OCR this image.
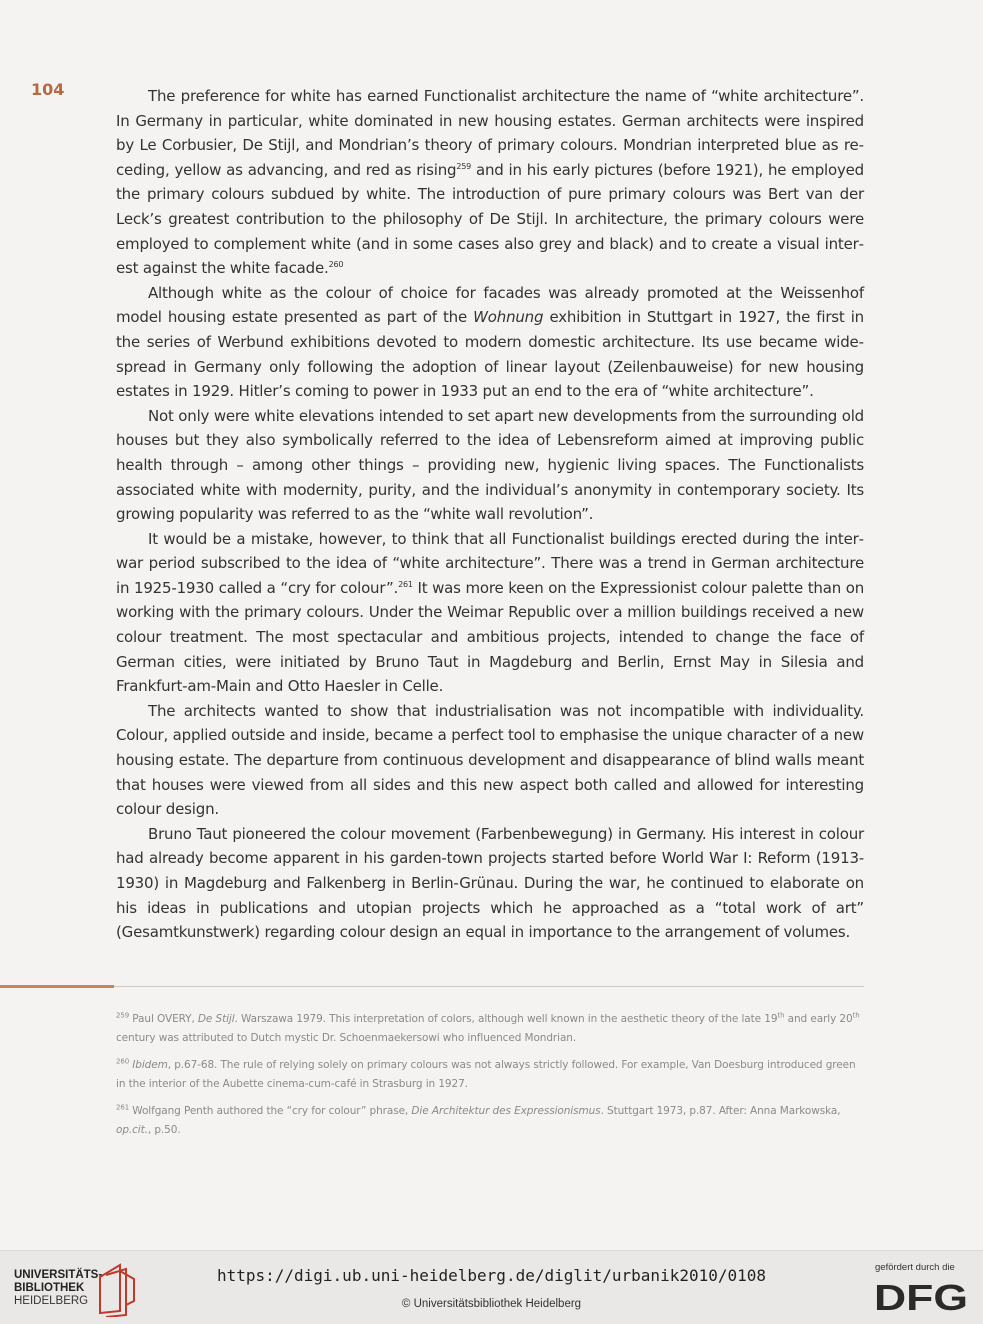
104	The preference for white has earned Functionalist architecture the name of “white architecture”. In Germany in particular, white dominated in new housing estates. German architects were inspired by Le Corbusier, De Stijl, and Mondrian’s theory of primary colours. Mondrian interpreted blue as receding, yellow as advancing, and red as rising$^{259}$ and in his early pictures (before 1921), he employed the primary colours subdued by white. The introduction of pure primary colours was Bert van der Leck’s greatest contribution to the philosophy of De Stijl. In architecture, the primary colours were employed to complement white (and in some cases also grey and black) and to create a visual interest against the white facade.$^{260}$

Although white as the colour of choice for facades was already promoted at the Weissenhof model housing estate presented as part of the Wohnung exhibition in Stuttgart in 1927, the first in the series of Werbund exhibitions devoted to modern domestic architecture. Its use became widespread in Germany only following the adoption of linear layout (Zeilenbauweise) for new housing estates in 1929. Hitler’s coming to power in 1933 put an end to the era of “white architecture”.

Not only were white elevations intended to set apart new developments from the surrounding old houses but they also symbolically referred to the idea of Lebensreform aimed at improving public health through – among other things – providing new, hygienic living spaces. The Functionalists associated white with modernity, purity, and the individual’s anonymity in contemporary society. Its growing popularity was referred to as the “white wall revolution”.

It would be a mistake, however, to think that all Functionalist buildings erected during the interwar period subscribed to the idea of “white architecture”. There was a trend in German architecture in 1925-1930 called a “cry for colour”.$^{261}$ It was more keen on the Expressionist colour palette than on working with the primary colours. Under the Weimar Republic over a million buildings received a new colour treatment. The most spectacular and ambitious projects, intended to change the face of German cities, were initiated by Bruno Taut in Magdeburg and Berlin, Ernst May in Silesia and Frankfurt-am-Main and Otto Haesler in Celle.

The architects wanted to show that industrialisation was not incompatible with individuality. Colour, applied outside and inside, became a perfect tool to emphasise the unique character of a new housing estate. The departure from continuous development and disappearance of blind walls meant that houses were viewed from all sides and this new aspect both called and allowed for interesting colour design.

Bruno Taut pioneered the colour movement (Farbenbewegung) in Germany. His interest in colour had already become apparent in his garden-town projects started before World War I: Reform (1913-1930) in Magdeburg and Falkenberg in Berlin-Grünau. During the war, he continued to elaborate on his ideas in publications and utopian projects which he approached as a “total work of art” (Gesamtkunstwerk) regarding colour design an equal in importance to the arrangement of volumes.

$^{259}$ Paul OVERY, De Stijl. Warszawa 1979. This interpretation of colors, although well known in the aesthetic theory of the late 19th and early 20th century was attributed to Dutch mystic Dr. Schoenmaekersowi who influenced Mondrian.

$^{260}$ Ibidem, p.67-68. The rule of relying solely on primary colours was not always strictly followed. For example, Van Doesburg introduced green in the interior of the Aubette cinema-cum-café in Strasburg in 1927.

$^{261}$ Wolfgang Penth authored the “cry for colour” phrase, Die Architektur des Expressionismus. Stuttgart 1973, p.87. After: Anna Markowska, op.cit., p.50.

UNIVERSITÄTS-
BIBLIOTHEK
HEIDELBERG
https://digi.ub.uni-heidelberg.de/diglit/urbanik2010/0108
© Universitätsbibliothek Heidelberg
gefördert durch die
DFG
